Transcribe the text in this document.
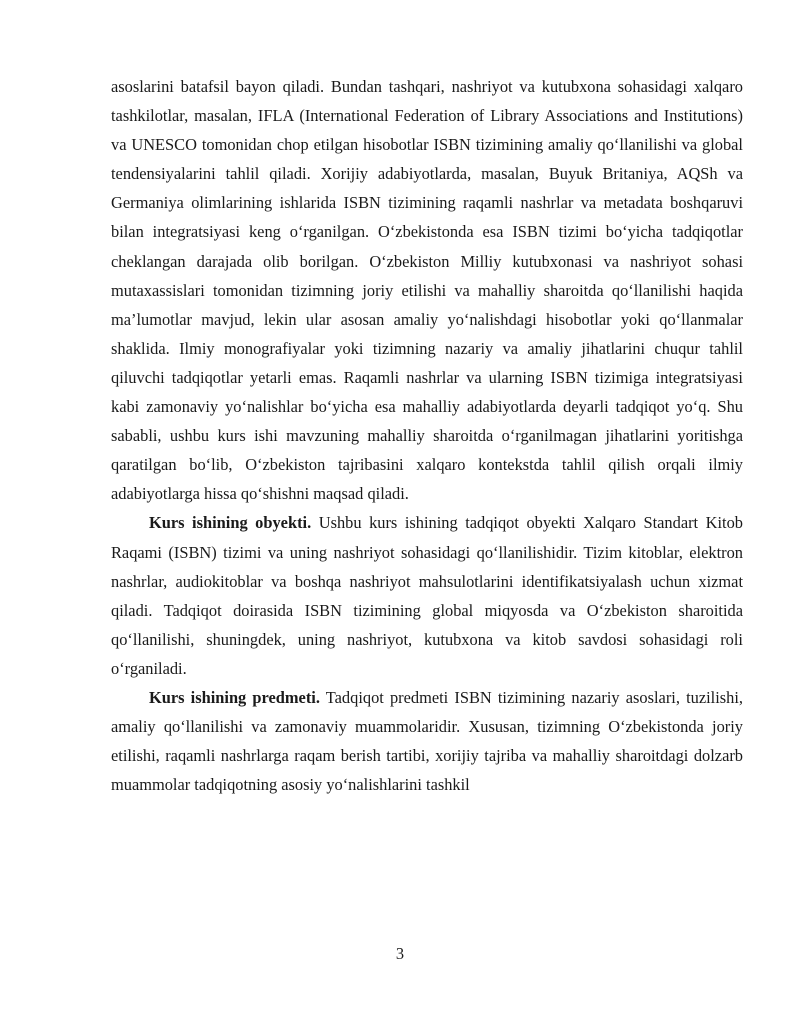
asoslarini batafsil bayon qiladi. Bundan tashqari, nashriyot va kutubxona sohasidagi xalqaro tashkilotlar, masalan, IFLA (International Federation of Library Associations and Institutions) va UNESCO tomonidan chop etilgan hisobotlar ISBN tizimining amaliy qo‘llanilishi va global tendensiyalarini tahlil qiladi. Xorijiy adabiyotlarda, masalan, Buyuk Britaniya, AQSh va Germaniya olimlarining ishlarida ISBN tizimining raqamli nashrlar va metadata boshqaruvi bilan integratsiyasi keng o‘rganilgan. O‘zbekistonda esa ISBN tizimi bo‘yicha tadqiqotlar cheklangan darajada olib borilgan. O‘zbekiston Milliy kutubxonasi va nashriyot sohasi mutaxassislari tomonidan tizimning joriy etilishi va mahalliy sharoitda qo‘llanilishi haqida ma’lumotlar mavjud, lekin ular asosan amaliy yo‘nalishdagi hisobotlar yoki qo‘llanmalar shaklida. Ilmiy monografiyalar yoki tizimning nazariy va amaliy jihatlarini chuqur tahlil qiluvchi tadqiqotlar yetarli emas. Raqamli nashrlar va ularning ISBN tizimiga integratsiyasi kabi zamonaviy yo‘nalishlar bo‘yicha esa mahalliy adabiyotlarda deyarli tadqiqot yo‘q. Shu sababli, ushbu kurs ishi mavzuning mahalliy sharoitda o‘rganilmagan jihatlarini yoritishga qaratilgan bo‘lib, O‘zbekiston tajribasini xalqaro kontekstda tahlil qilish orqali ilmiy adabiyotlarga hissa qo‘shishni maqsad qiladi.

Kurs ishining obyekti. Ushbu kurs ishining tadqiqot obyekti Xalqaro Standart Kitob Raqami (ISBN) tizimi va uning nashriyot sohasidagi qo‘llanilishidir. Tizim kitoblar, elektron nashrlar, audiokitoblar va boshqa nashriyot mahsulotlarini identifikatsiyalash uchun xizmat qiladi. Tadqiqot doirasida ISBN tizimining global miqyosda va O‘zbekiston sharoitida qo‘llanilishi, shuningdek, uning nashriyot, kutubxona va kitob savdosi sohasidagi roli o‘rganiladi.

Kurs ishining predmeti. Tadqiqot predmeti ISBN tizimining nazariy asoslari, tuzilishi, amaliy qo‘llanilishi va zamonaviy muammolaridir. Xususan, tizimning O‘zbekistonda joriy etilishi, raqamli nashrlarga raqam berish tartibi, xorijiy tajriba va mahalliy sharoitdagi dolzarb muammolar tadqiqotning asosiy yo‘nalishlarini tashkil

3
